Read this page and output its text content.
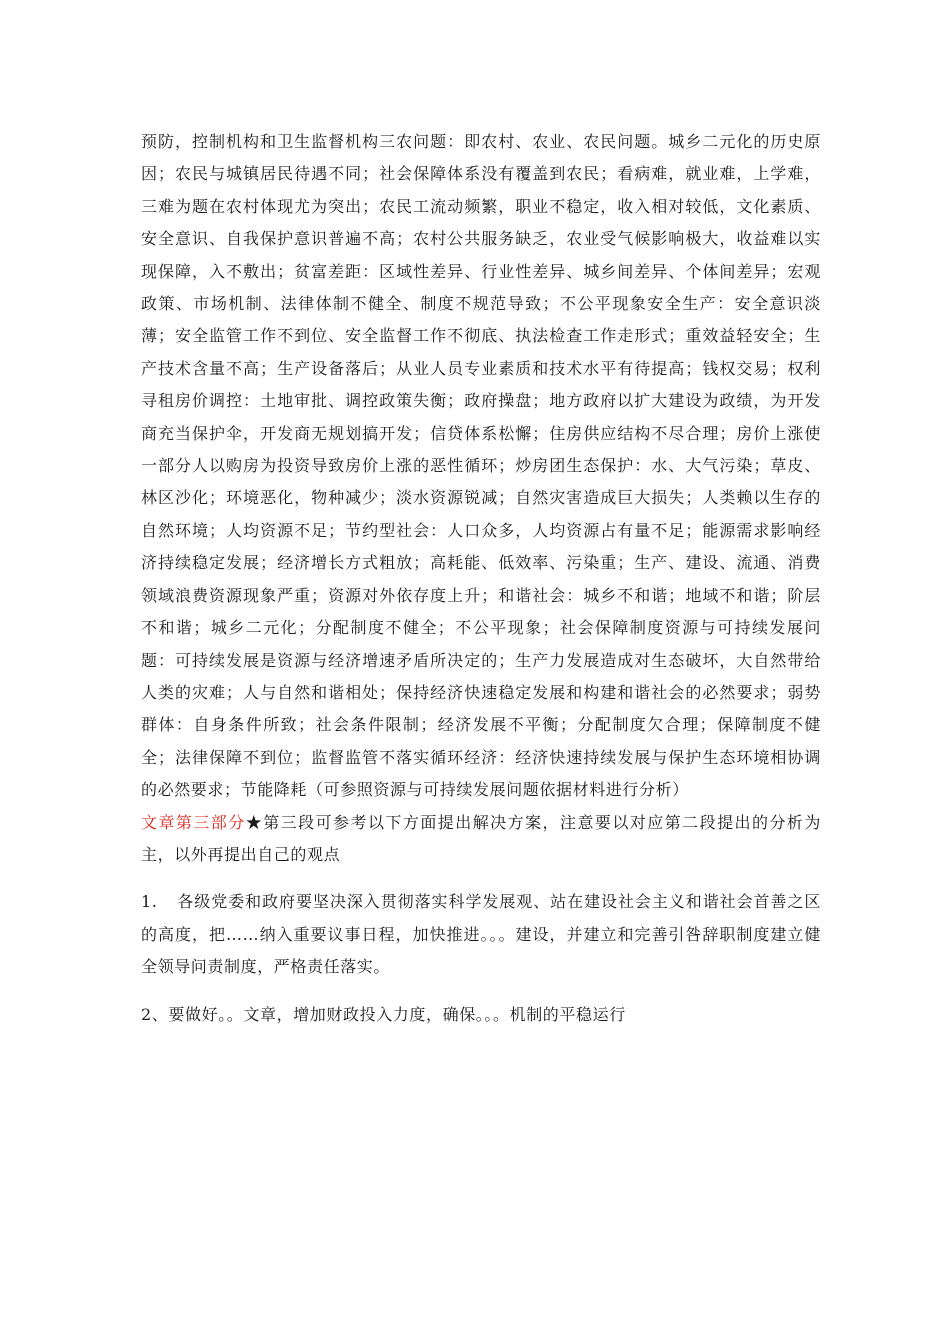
预防，控制机构和卫生监督机构三农问题：即农村、农业、农民问题。城乡二元化的历史原因；农民与城镇居民待遇不同；社会保障体系没有覆盖到农民；看病难，就业难，上学难，三难为题在农村体现尤为突出；农民工流动频繁，职业不稳定，收入相对较低，文化素质、安全意识、自我保护意识普遍不高；农村公共服务缺乏，农业受气候影响极大，收益难以实现保障，入不敷出；贫富差距：区域性差异、行业性差异、城乡间差异、个体间差异；宏观政策、市场机制、法律体制不健全、制度不规范导致；不公平现象安全生产：安全意识淡薄；安全监管工作不到位、安全监督工作不彻底、执法检查工作走形式；重效益轻安全；生产技术含量不高；生产设备落后；从业人员专业素质和技术水平有待提高；钱权交易；权利寻租房价调控：土地审批、调控政策失衡；政府操盘；地方政府以扩大建设为政绩，为开发商充当保护伞，开发商无规划搞开发；信贷体系松懈；住房供应结构不尽合理；房价上涨使一部分人以购房为投资导致房价上涨的恶性循环；炒房团生态保护：水、大气污染；草皮、林区沙化；环境恶化，物种减少；淡水资源锐减；自然灾害造成巨大损失；人类赖以生存的自然环境；人均资源不足；节约型社会：人口众多，人均资源占有量不足；能源需求影响经济持续稳定发展；经济增长方式粗放；高耗能、低效率、污染重；生产、建设、流通、消费领域浪费资源现象严重；资源对外依存度上升；和谐社会：城乡不和谐；地域不和谐；阶层不和谐；城乡二元化；分配制度不健全；不公平现象；社会保障制度资源与可持续发展问题：可持续发展是资源与经济增速矛盾所决定的；生产力发展造成对生态破坏，大自然带给人类的灾难；人与自然和谐相处；保持经济快速稳定发展和构建和谐社会的必然要求；弱势群体：自身条件所致；社会条件限制；经济发展不平衡；分配制度欠合理；保障制度不健全；法律保障不到位；监督监管不落实循环经济：经济快速持续发展与保护生态环境相协调的必然要求；节能降耗（可参照资源与可持续发展问题依据材料进行分析）

文章第三部分★第三段可参考以下方面提出解决方案，注意要以对应第二段提出的分析为主，以外再提出自己的观点

1. 各级党委和政府要坚决深入贯彻落实科学发展观、站在建设社会主义和谐社会首善之区的高度，把……纳入重要议事日程，加快推进。。。建设，并建立和完善引咎辞职制度建立健全领导问责制度，严格责任落实。

2、要做好。。文章，增加财政投入力度，确保。。。机制的平稳运行
